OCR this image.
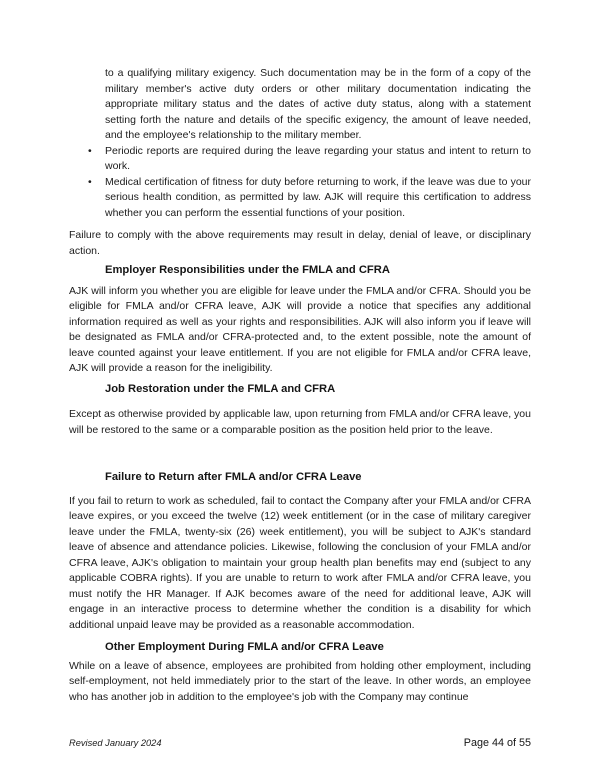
to a qualifying military exigency. Such documentation may be in the form of a copy of the military member's active duty orders or other military documentation indicating the appropriate military status and the dates of active duty status, along with a statement setting forth the nature and details of the specific exigency, the amount of leave needed, and the employee's relationship to the military member.

•	Periodic reports are required during the leave regarding your status and intent to return to work.
•	Medical certification of fitness for duty before returning to work, if the leave was due to your serious health condition, as permitted by law. AJK will require this certification to address whether you can perform the essential functions of your position.

Failure to comply with the above requirements may result in delay, denial of leave, or disciplinary action.

Employer Responsibilities under the FMLA and CFRA

AJK will inform you whether you are eligible for leave under the FMLA and/or CFRA. Should you be eligible for FMLA and/or CFRA leave, AJK will provide a notice that specifies any additional information required as well as your rights and responsibilities. AJK will also inform you if leave will be designated as FMLA and/or CFRA-protected and, to the extent possible, note the amount of leave counted against your leave entitlement. If you are not eligible for FMLA and/or CFRA leave, AJK will provide a reason for the ineligibility.

Job Restoration under the FMLA and CFRA

Except as otherwise provided by applicable law, upon returning from FMLA and/or CFRA leave, you will be restored to the same or a comparable position as the position held prior to the leave.

Failure to Return after FMLA and/or CFRA Leave

If you fail to return to work as scheduled, fail to contact the Company after your FMLA and/or CFRA leave expires, or you exceed the twelve (12) week entitlement (or in the case of military caregiver leave under the FMLA, twenty-six (26) week entitlement), you will be subject to AJK's standard leave of absence and attendance policies. Likewise, following the conclusion of your FMLA and/or CFRA leave, AJK's obligation to maintain your group health plan benefits may end (subject to any applicable COBRA rights). If you are unable to return to work after FMLA and/or CFRA leave, you must notify the HR Manager. If AJK becomes aware of the need for additional leave, AJK will engage in an interactive process to determine whether the condition is a disability for which additional unpaid leave may be provided as a reasonable accommodation.

Other Employment During FMLA and/or CFRA Leave

While on a leave of absence, employees are prohibited from holding other employment, including self-employment, not held immediately prior to the start of the leave. In other words, an employee who has another job in addition to the employee's job with the Company may continue

Revised January 2024	Page 44 of 55
